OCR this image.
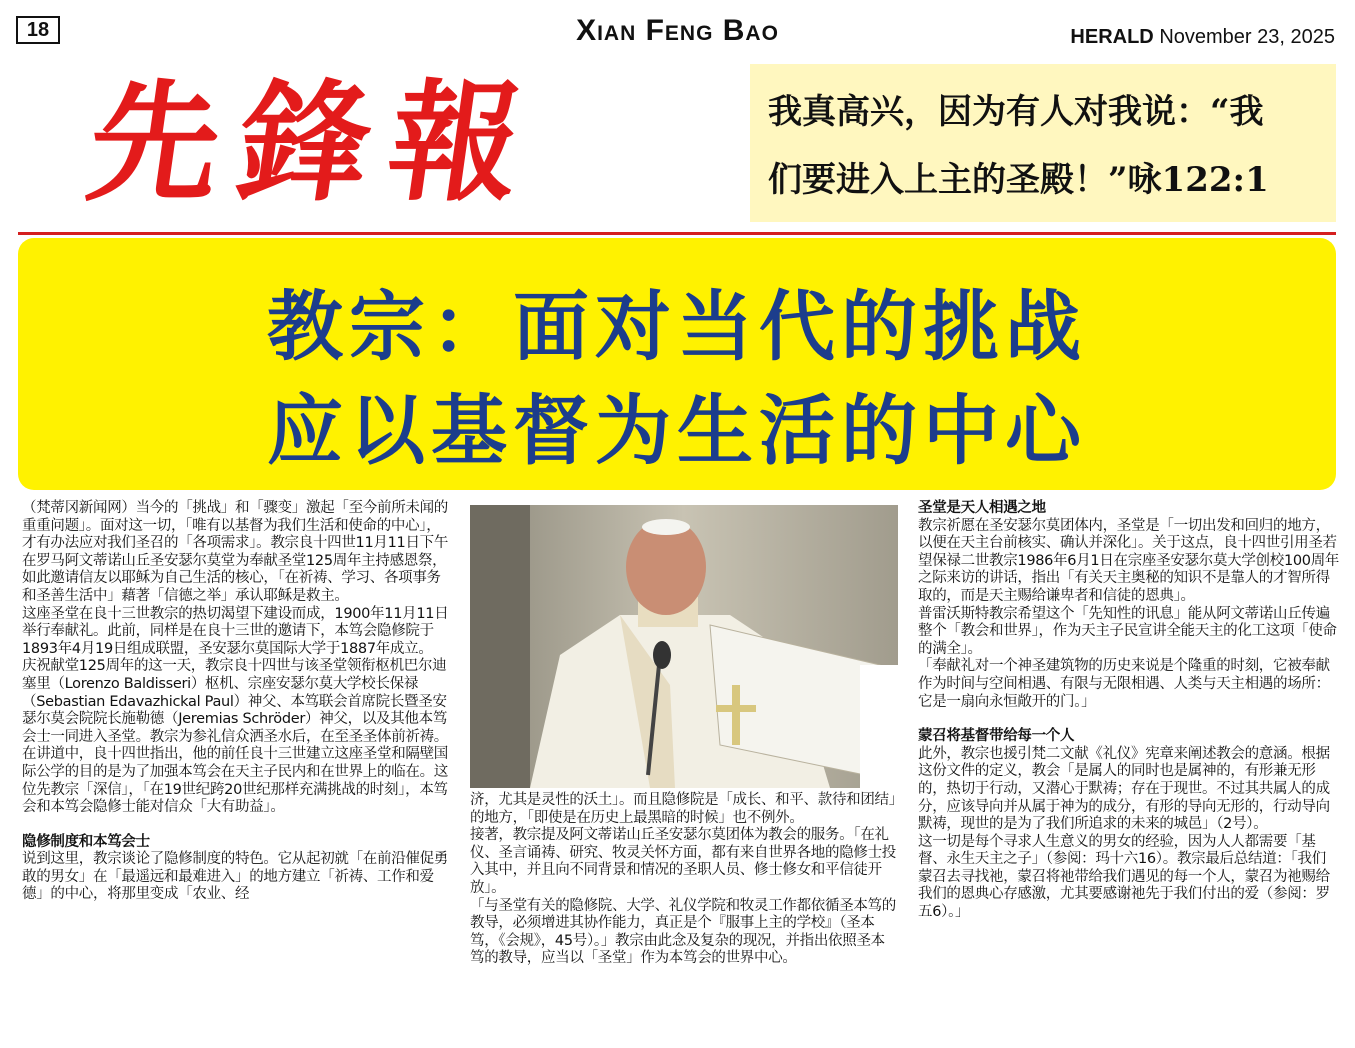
18	Xian Feng Bao	HERALD November 23, 2025
先鋒報	我真高兴，因为有人对我说：“我

们要进入上主的圣殿！”咏122:1

教宗：面对当代的挑战
应以基督为生活的中心

（梵蒂冈新闻网）当今的「挑战」和「骤变」激起「至今前所未闻的重重问题」。面对这一切，「唯有以基督为我们生活和使命的中心」，才有办法应对我们圣召的「各项需求」。教宗良十四世11月11日下午在罗马阿文蒂诺山丘圣安瑟尔莫堂为奉献圣堂125周年主持感恩祭，如此邀请信友以耶稣为自己生活的核心，「在祈祷、学习、各项事务和圣善生活中」藉著「信德之举」承认耶稣是救主。

这座圣堂在良十三世教宗的热切渴望下建设而成，1900年11月11日举行奉献礼。此前，同样是在良十三世的邀请下，本笃会隐修院于1893年4月19日组成联盟，圣安瑟尔莫国际大学于1887年成立。

庆祝献堂125周年的这一天，教宗良十四世与该圣堂领衔枢机巴尔迪塞里（Lorenzo Baldisseri）枢机、宗座安瑟尔莫大学校长保禄（Sebastian Edavazhickal Paul）神父、本笃联会首席院长暨圣安瑟尔莫会院院长施勒德（Jeremias Schröder）神父，以及其他本笃会士一同进入圣堂。教宗为参礼信众洒圣水后，在至圣圣体前祈祷。

在讲道中，良十四世指出，他的前任良十三世建立这座圣堂和隔壁国际公学的目的是为了加强本笃会在天主子民内和在世界上的临在。这位先教宗「深信」，「在19世纪跨20世纪那样充满挑战的时刻」，本笃会和本笃会隐修士能对信众「大有助益」。

隐修制度和本笃会士

说到这里，教宗谈论了隐修制度的特色。它从起初就「在前沿催促勇敢的男女」在「最遥远和最难进入」的地方建立「祈祷、工作和爱德」的中心，将那里变成「农业、经

济，尤其是灵性的沃土」。而且隐修院是「成长、和平、款待和团结」的地方，「即使是在历史上最黑暗的时候」也不例外。

接著，教宗提及阿文蒂诺山丘圣安瑟尔莫团体为教会的服务。「在礼仪、圣言诵祷、研究、牧灵关怀方面，都有来自世界各地的隐修士投入其中，并且向不同背景和情况的圣职人员、修士修女和平信徒开放」。

「与圣堂有关的隐修院、大学、礼仪学院和牧灵工作都依循圣本笃的教导，必须增进其协作能力，真正是个『服事上主的学校』（圣本笃，《会规》，45号）。」教宗由此念及复杂的现况，并指出依照圣本笃的教导，应当以「圣堂」作为本笃会的世界中心。

圣堂是天人相遇之地

教宗祈愿在圣安瑟尔莫团体内，圣堂是「一切出发和回归的地方，以便在天主台前核实、确认并深化」。关于这点，良十四世引用圣若望保禄二世教宗1986年6月1日在宗座圣安瑟尔莫大学创校100周年之际来访的讲话，指出「有关天主奥秘的知识不是靠人的才智所得取的，而是天主赐给谦卑者和信徒的恩典」。

普雷沃斯特教宗希望这个「先知性的讯息」能从阿文蒂诺山丘传遍整个「教会和世界」，作为天主子民宣讲全能天主的化工这项「使命的满全」。

「奉献礼对一个神圣建筑物的历史来说是个隆重的时刻，它被奉献作为时间与空间相遇、有限与无限相遇、人类与天主相遇的场所：它是一扇向永恒敞开的门。」

蒙召将基督带给每一个人

此外，教宗也援引梵二文献《礼仪》宪章来阐述教会的意涵。根据这份文件的定义，教会「是属人的同时也是属神的，有形兼无形的，热切于行动，又潜心于默祷；存在于现世。不过其共属人的成分，应该导向并从属于神为的成分，有形的导向无形的，行动导向默祷，现世的是为了我们所追求的未来的城邑」（2号）。

这一切是每个寻求人生意义的男女的经验，因为人人都需要「基督、永生天主之子」（参阅：玛十六16）。教宗最后总结道：「我们蒙召去寻找祂，蒙召将祂带给我们遇见的每一个人，蒙召为祂赐给我们的恩典心存感激，尤其要感谢祂先于我们付出的爱（参阅：罗五6）。」
